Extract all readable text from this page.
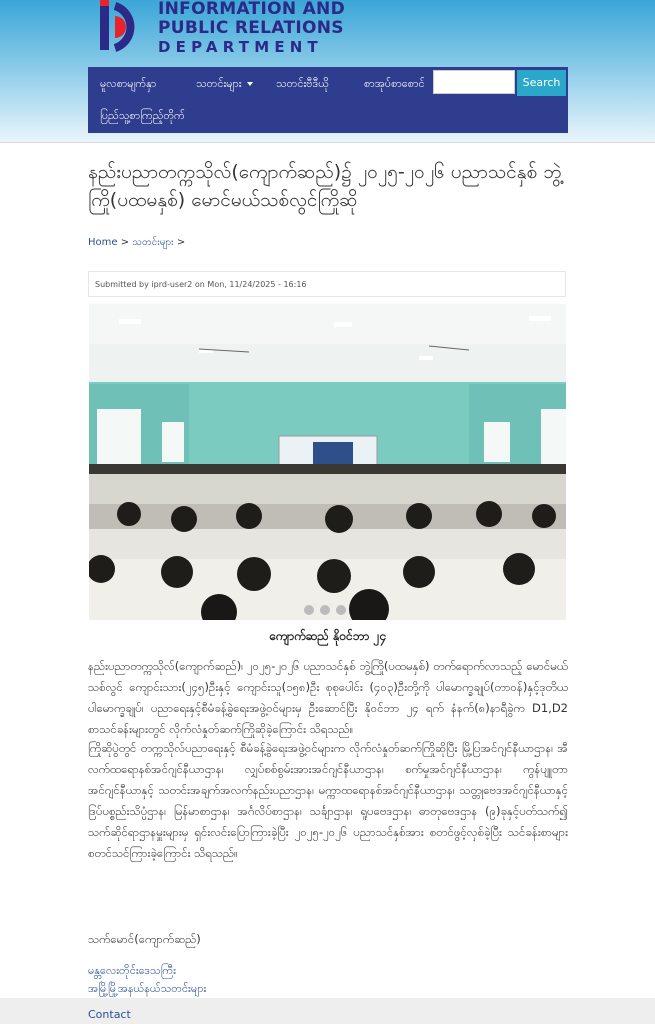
INFORMATION AND
PUBLIC RELATIONS
DEPARTMENT
မူလစာမျက်နှာ	သတင်းများ	သတင်းဗီဒီယို	စာအုပ်စာစောင်
ပြည်သူ့စာကြည့်တိုက်
Search
နည်းပညာတက္ကသိုလ်(ကျောက်ဆည်)၌ ၂၀၂၅-၂၀၂၆ ပညာသင်နှစ် ဘွဲ့ကြို(ပထမနှစ်) မောင်မယ်သစ်လွင်ကြိုဆို
Home > သတင်းများ >
Submitted by iprd-user2 on Mon, 11/24/2025 - 16:16
ကျောက်ဆည် နိုဝင်ဘာ ၂၄
နည်းပညာတက္ကသိုလ်(ကျောက်ဆည်)၊ ၂၀၂၅-၂၀၂၆ ပညာသင်နှစ် ဘွဲ့ကြို(ပထမနှစ်) တက်ရောက်လာသည့် မောင်မယ်သစ်လွင် ကျောင်းသား(၂၄၅)ဦးနှင့် ကျောင်းသူ(၁၅၈)ဦး စုစုပေါင်း (၄၀၃)ဦးတို့ကို ပါမောက္ခချုပ်(တာဝန်)နှင့်ဒုတိယပါမောက္ခချုပ်၊ ပညာရေးနှင့်စီမံခန့်ခွဲရေးအဖွဲ့ဝင်များမှ ဦးဆောင်ပြီး နိုဝင်ဘာ ၂၄ ရက် နံနက်(၈)နာရီခွဲက D1,D2 စာသင်ခန်းများတွင် လိုက်လံနှုတ်ဆက်ကြိုဆိုခဲ့ကြောင်း သိရသည်။
ကြိုဆိုပွဲတွင် တက္ကသိုလ်ပညာရေးနှင့် စီမံခန့်ခွဲရေးအဖွဲ့ဝင်များက လိုက်လံနှုတ်ဆက်ကြိုဆိုပြီး မြို့ပြအင်ဂျင်နီယာဌာန၊ အီလက်ထရောနစ်အင်ဂျင်နီယာဌာန၊ လျှပ်စစ်စွမ်းအားအင်ဂျင်နီယာဌာန၊ စက်မှုအင်ဂျင်နီယာဌာန၊ ကွန်ပျူတာအင်ဂျင်နီယာနှင့် သတင်းအချက်အလက်နည်းပညာဌာန၊ မက္ကာထရောနစ်အင်ဂျင်နီယာဌာန၊ သတ္တုဗေဒအင်ဂျင်နီယာနှင့် ဒြပ်ပစ္စည်းသိပ္ပံဌာန၊ မြန်မာစာဌာန၊ အင်္ဂလိပ်စာဌာန၊ သင်္ချာဌာန၊ ရူပဗေဒဌာန၊ ဓာတုဗေဒဌာန (၉)ခုနှင့်ပတ်သက်၍ သက်ဆိုင်ရာဌာနမှူးများမှ ရှင်းလင်းပြောကြားခဲ့ပြီး ၂၀၂၅-၂၀၂၆ ပညာသင်နှစ်အား စတင်ဖွင့်လှစ်ခဲ့ပြီး သင်ခန်းစာများ စတင်သင်ကြားခဲ့ကြောင်း သိရသည်။
သက်မောင်(ကျောက်ဆည်)
မန္တလေးတိုင်းဒေသကြီး
အမြို့မြို့အနယ်နယ်သတင်းများ
Contact
